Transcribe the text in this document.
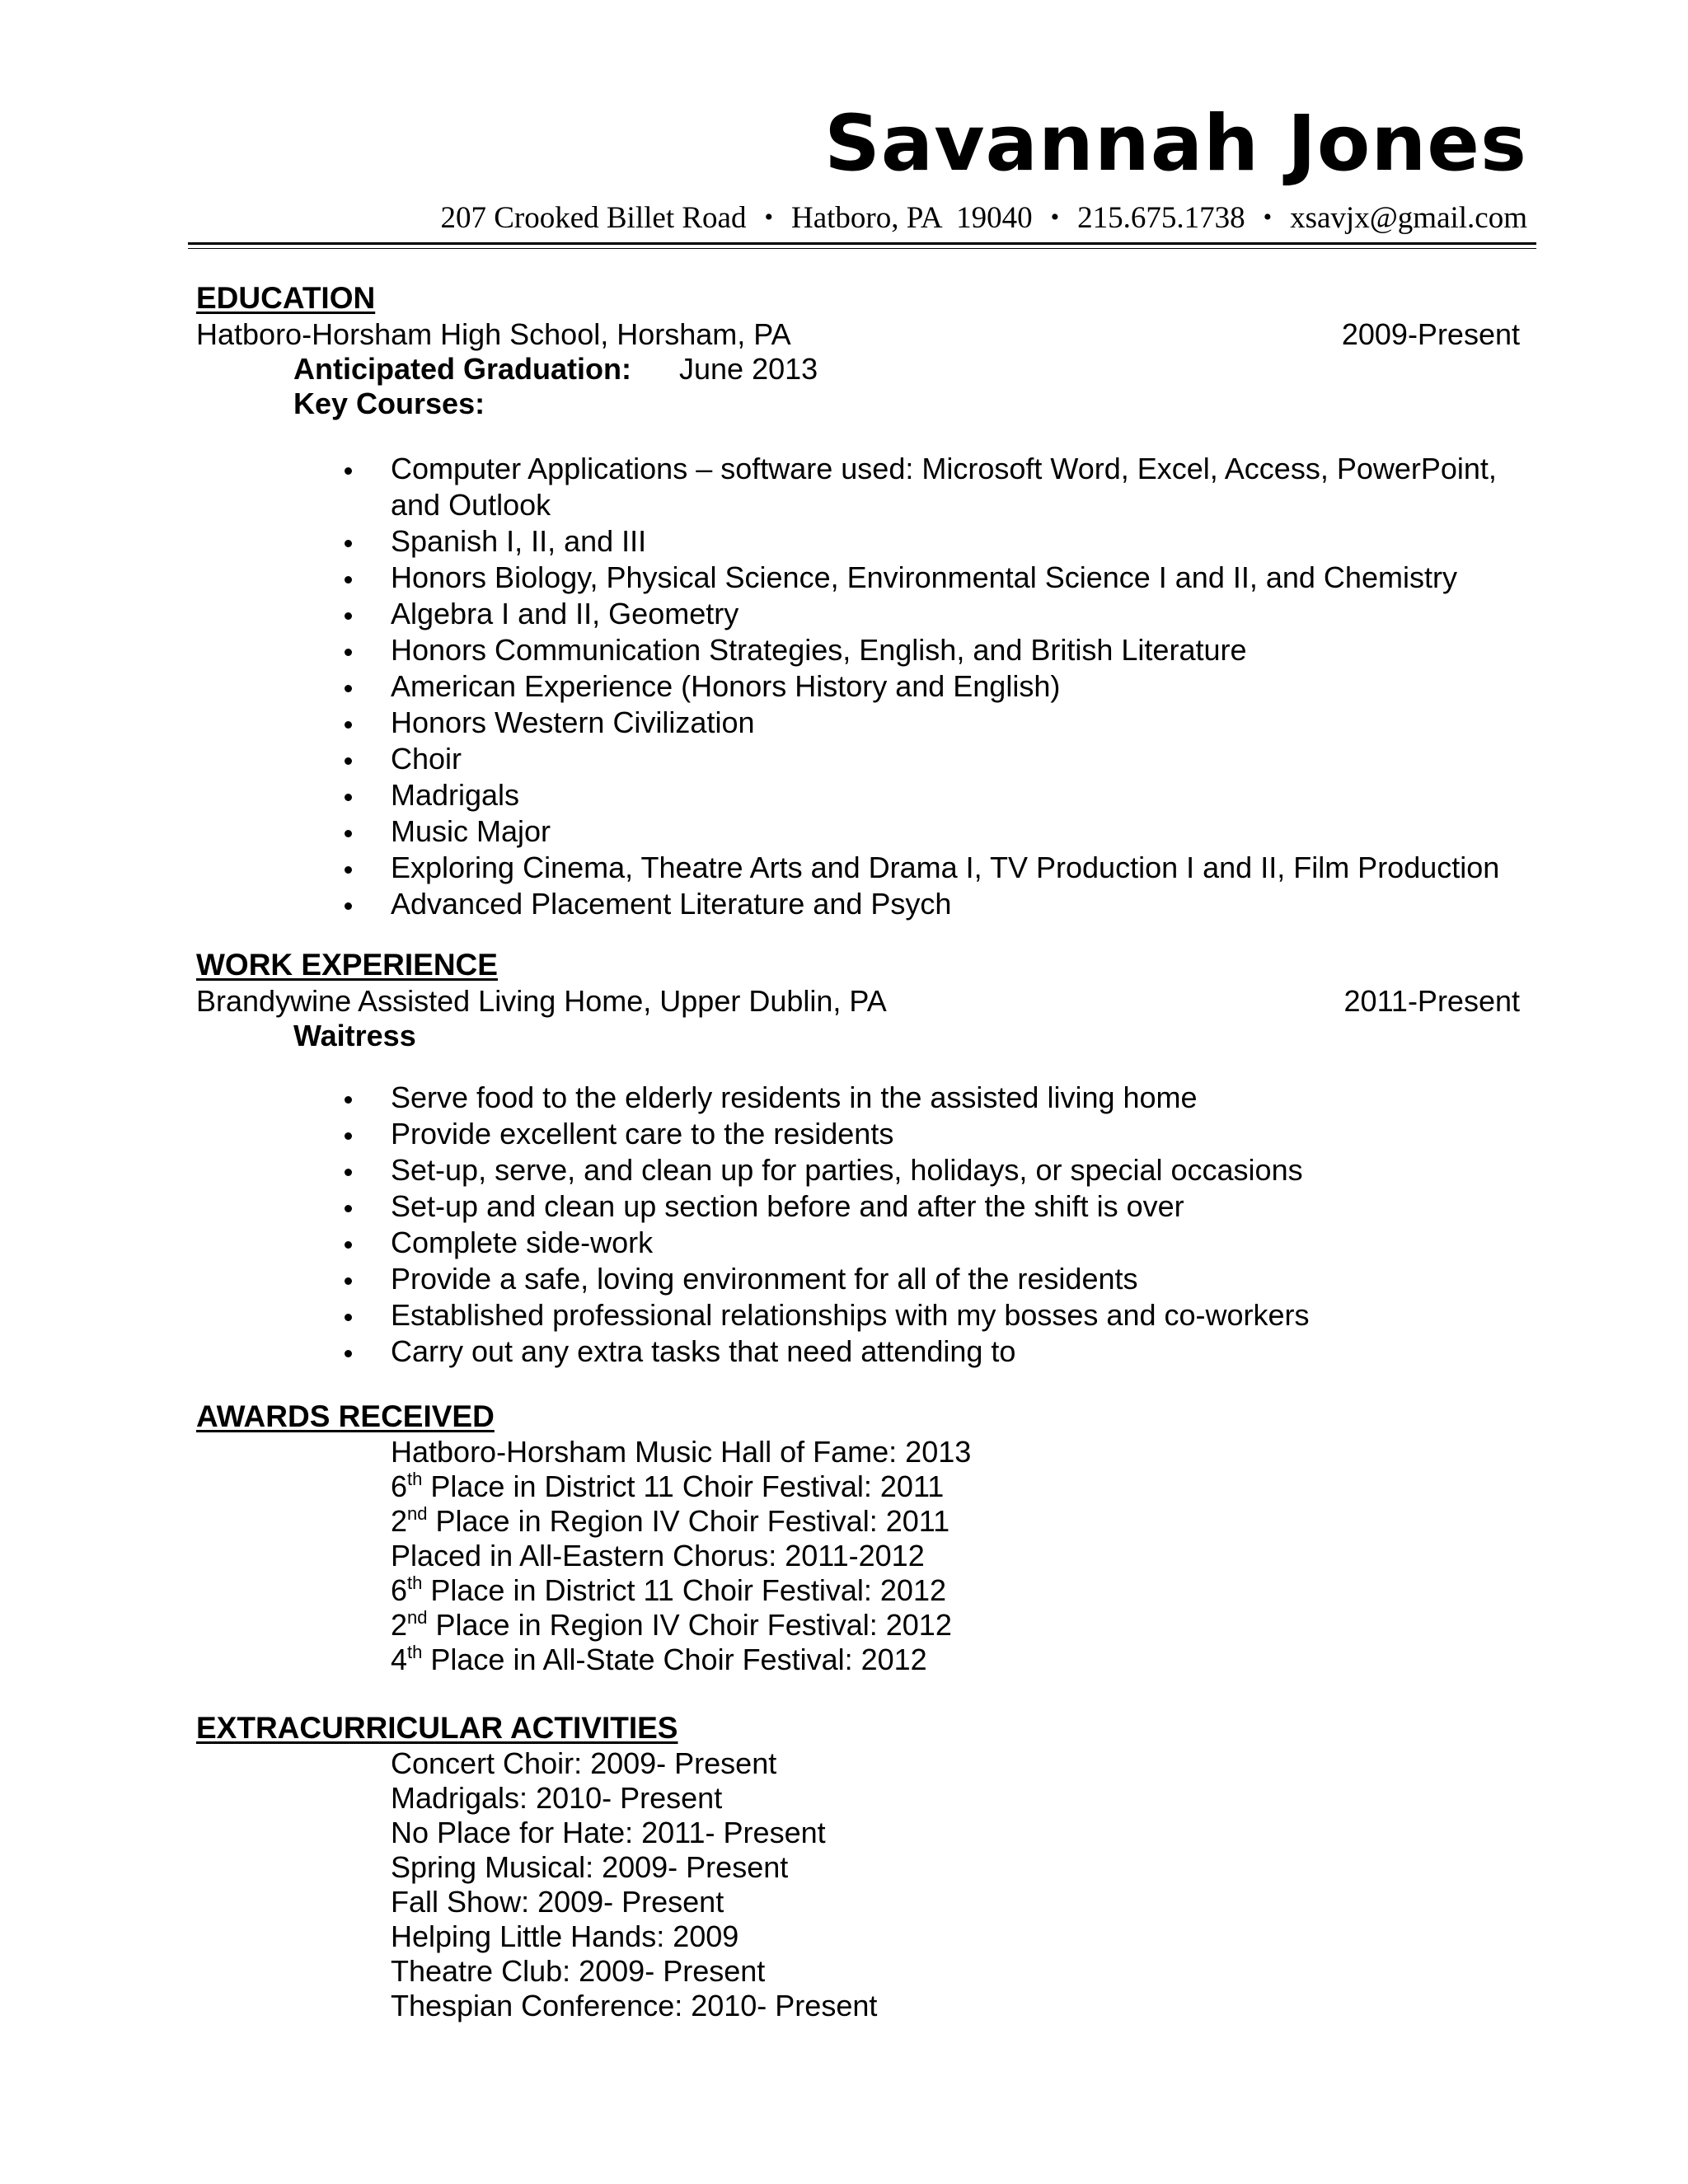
Savannah Jones
207 Crooked Billet Road • Hatboro, PA  19040 • 215.675.1738 • xsavjx@gmail.com
EDUCATION
Hatboro-Horsham High School, Horsham, PA	2009-Present
Anticipated Graduation: June 2013
Key Courses:
Computer Applications – software used: Microsoft Word, Excel, Access, PowerPoint, and Outlook
Spanish I, II, and III
Honors Biology, Physical Science, Environmental Science I and II, and Chemistry
Algebra I and II, Geometry
Honors Communication Strategies, English, and British Literature
American Experience (Honors History and English)
Honors Western Civilization
Choir
Madrigals
Music Major
Exploring Cinema, Theatre Arts and Drama I, TV Production I and II, Film Production
Advanced Placement Literature and Psych
WORK EXPERIENCE
Brandywine Assisted Living Home, Upper Dublin, PA	2011-Present
Waitress
Serve food to the elderly residents in the assisted living home
Provide excellent care to the residents
Set-up, serve, and clean up for parties, holidays, or special occasions
Set-up and clean up section before and after the shift is over
Complete side-work
Provide a safe, loving environment for all of the residents
Established professional relationships with my bosses and co-workers
Carry out any extra tasks that need attending to
AWARDS RECEIVED
Hatboro-Horsham Music Hall of Fame: 2013
6th Place in District 11 Choir Festival: 2011
2nd Place in Region IV Choir Festival: 2011
Placed in All-Eastern Chorus: 2011-2012
6th Place in District 11 Choir Festival: 2012
2nd Place in Region IV Choir Festival: 2012
4th Place in All-State Choir Festival: 2012
EXTRACURRICULAR ACTIVITIES
Concert Choir: 2009- Present
Madrigals: 2010- Present
No Place for Hate: 2011- Present
Spring Musical: 2009- Present
Fall Show: 2009- Present
Helping Little Hands: 2009
Theatre Club: 2009- Present
Thespian Conference: 2010- Present
